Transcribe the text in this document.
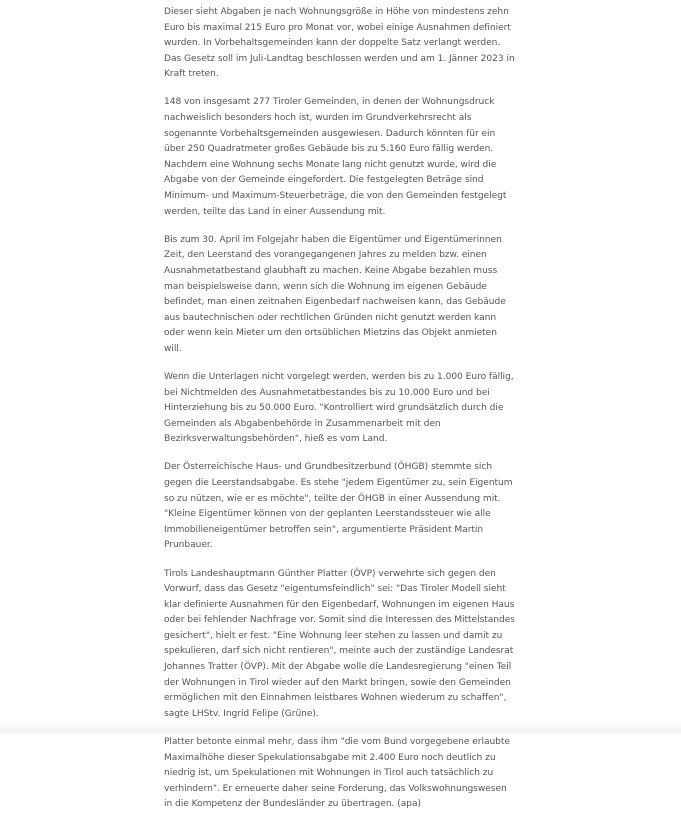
Dieser sieht Abgaben je nach Wohnungsgröße in Höhe von mindestens zehn Euro bis maximal 215 Euro pro Monat vor, wobei einige Ausnahmen definiert wurden. In Vorbehaltsgemeinden kann der doppelte Satz verlangt werden. Das Gesetz soll im Juli-Landtag beschlossen werden und am 1. Jänner 2023 in Kraft treten.

148 von insgesamt 277 Tiroler Gemeinden, in denen der Wohnungsdruck nachweislich besonders hoch ist, wurden im Grundverkehrsrecht als sogenannte Vorbehaltsgemeinden ausgewiesen. Dadurch könnten für ein über 250 Quadratmeter großes Gebäude bis zu 5.160 Euro fällig werden. Nachdem eine Wohnung sechs Monate lang nicht genutzt wurde, wird die Abgabe von der Gemeinde eingefordert. Die festgelegten Beträge sind Minimum- und Maximum-Steuerbeträge, die von den Gemeinden festgelegt werden, teilte das Land in einer Aussendung mit.

Bis zum 30. April im Folgejahr haben die Eigentümer und Eigentümerinnen Zeit, den Leerstand des vorangegangenen Jahres zu melden bzw. einen Ausnahmetatbestand glaubhaft zu machen. Keine Abgabe bezahlen muss man beispielsweise dann, wenn sich die Wohnung im eigenen Gebäude befindet, man einen zeitnahen Eigenbedarf nachweisen kann, das Gebäude aus bautechnischen oder rechtlichen Gründen nicht genutzt werden kann oder wenn kein Mieter um den ortsüblichen Mietzins das Objekt anmieten will.

Wenn die Unterlagen nicht vorgelegt werden, werden bis zu 1.000 Euro fällig, bei Nichtmelden des Ausnahmetatbestandes bis zu 10.000 Euro und bei Hinterziehung bis zu 50.000 Euro. "Kontrolliert wird grundsätzlich durch die Gemeinden als Abgabenbehörde in Zusammenarbeit mit den Bezirksverwaltungsbehörden", hieß es vom Land.

Der Österreichische Haus- und Grundbesitzerbund (ÖHGB) stemmte sich gegen die Leerstandsabgabe. Es stehe "jedem Eigentümer zu, sein Eigentum so zu nützen, wie er es möchte", teilte der ÖHGB in einer Aussendung mit. "Kleine Eigentümer können von der geplanten Leerstandssteuer wie alle Immobilieneigentümer betroffen sein", argumentierte Präsident Martin Prunbauer.

Tirols Landeshauptmann Günther Platter (ÖVP) verwehrte sich gegen den Vorwurf, dass das Gesetz "eigentumsfeindlich" sei: "Das Tiroler Modell sieht klar definierte Ausnahmen für den Eigenbedarf, Wohnungen im eigenen Haus oder bei fehlender Nachfrage vor. Somit sind die Interessen des Mittelstandes gesichert", hielt er fest. "Eine Wohnung leer stehen zu lassen und damit zu spekulieren, darf sich nicht rentieren", meinte auch der zuständige Landesrat Johannes Tratter (ÖVP). Mit der Abgabe wolle die Landesregierung "einen Teil der Wohnungen in Tirol wieder auf den Markt bringen, sowie den Gemeinden ermöglichen mit den Einnahmen leistbares Wohnen wiederum zu schaffen", sagte LHStv. Ingrid Felipe (Grüne).

Platter betonte einmal mehr, dass ihm "die vom Bund vorgegebene erlaubte Maximalhöhe dieser Spekulationsabgabe mit 2.400 Euro noch deutlich zu niedrig ist, um Spekulationen mit Wohnungen in Tirol auch tatsächlich zu verhindern". Er erneuerte daher seine Forderung, das Volkswohnungswesen in die Kompetenz der Bundesländer zu übertragen. (apa)
